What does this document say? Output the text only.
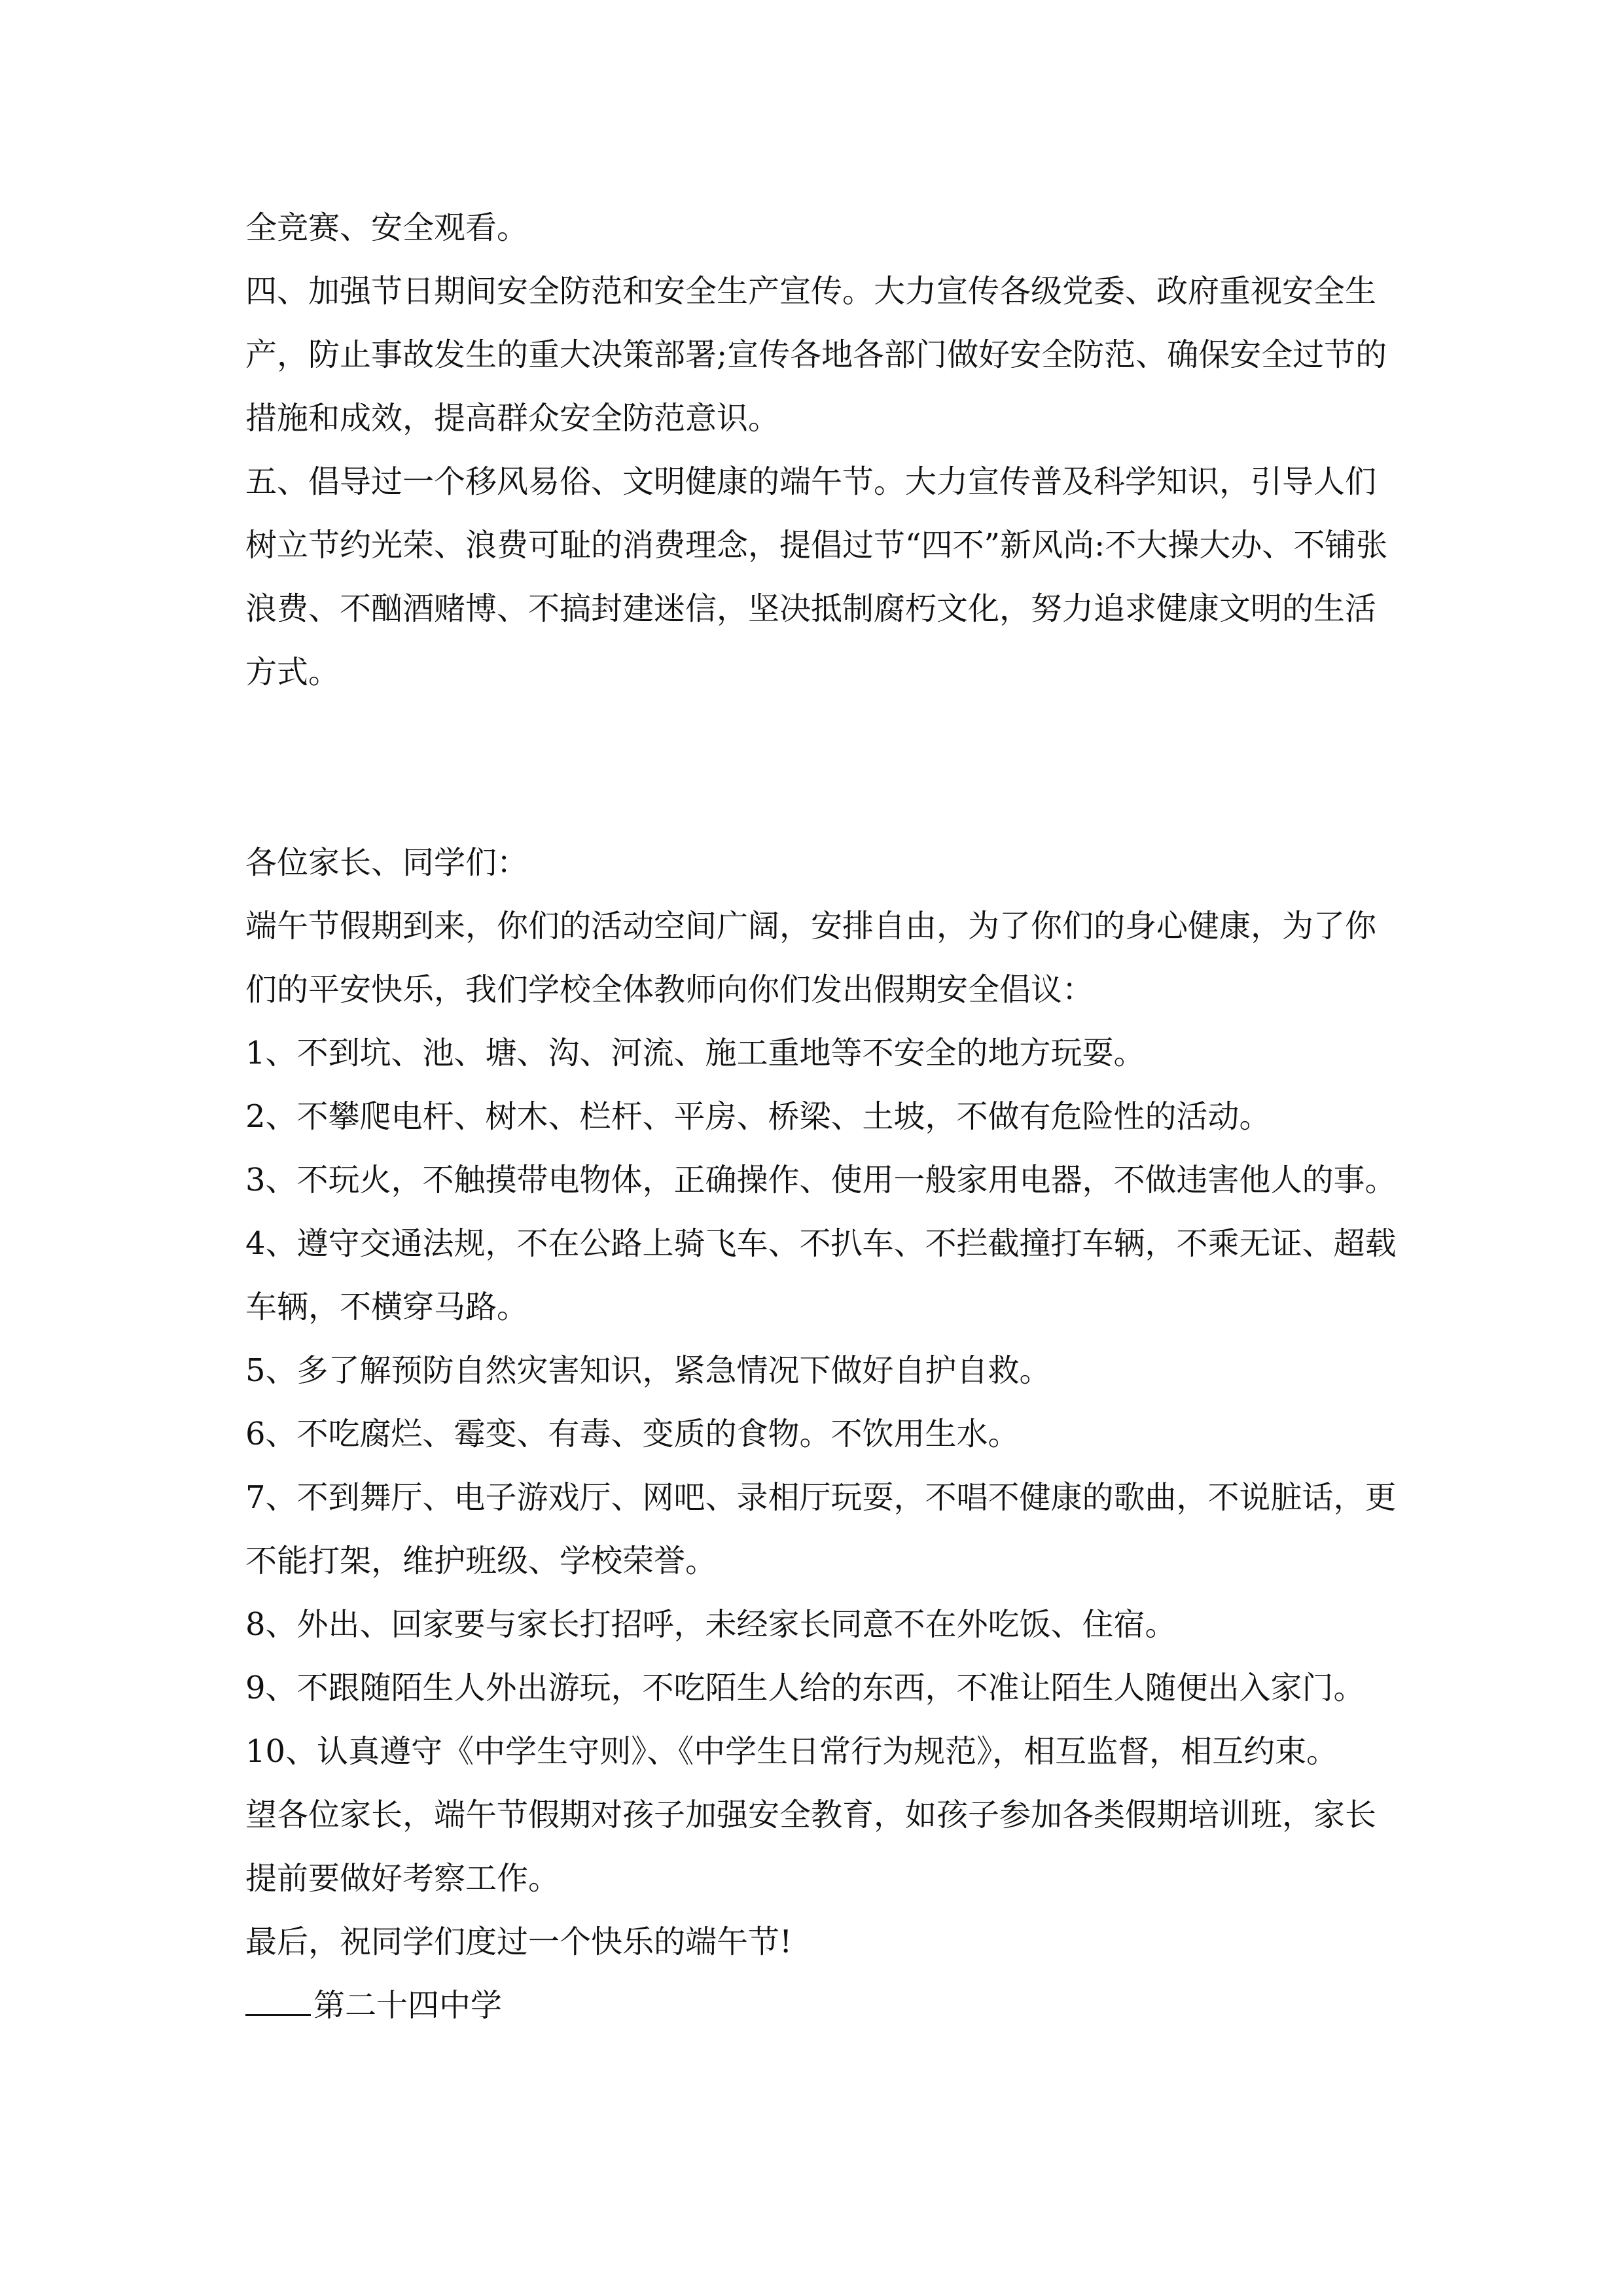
全竞赛、安全观看。

四、加强节日期间安全防范和安全生产宣传。大力宣传各级党委、政府重视安全生产，防止事故发生的重大决策部署;宣传各地各部门做好安全防范、确保安全过节的措施和成效，提高群众安全防范意识。

五、倡导过一个移风易俗、文明健康的端午节。大力宣传普及科学知识，引导人们树立节约光荣、浪费可耻的消费理念，提倡过节“四不”新风尚:不大操大办、不铺张浪费、不酗酒赌博、不搞封建迷信，坚决抵制腐朽文化，努力追求健康文明的生活方式。

各位家长、同学们：

端午节假期到来，你们的活动空间广阔，安排自由，为了你们的身心健康，为了你们的平安快乐，我们学校全体教师向你们发出假期安全倡议：

1、不到坑、池、塘、沟、河流、施工重地等不安全的地方玩耍。

2、不攀爬电杆、树木、栏杆、平房、桥梁、土坡，不做有危险性的活动。

3、不玩火，不触摸带电物体，正确操作、使用一般家用电器，不做违害他人的事。

4、遵守交通法规，不在公路上骑飞车、不扒车、不拦截撞打车辆，不乘无证、超载车辆，不横穿马路。

5、多了解预防自然灾害知识，紧急情况下做好自护自救。

6、不吃腐烂、霉变、有毒、变质的食物。不饮用生水。

7、不到舞厅、电子游戏厅、网吧、录相厅玩耍，不唱不健康的歌曲，不说脏话，更不能打架，维护班级、学校荣誉。

8、外出、回家要与家长打招呼，未经家长同意不在外吃饭、住宿。

9、不跟随陌生人外出游玩，不吃陌生人给的东西，不准让陌生人随便出入家门。

10、认真遵守《中学生守则》、《中学生日常行为规范》，相互监督，相互约束。

望各位家长，端午节假期对孩子加强安全教育，如孩子参加各类假期培训班，家长提前要做好考察工作。

最后，祝同学们度过一个快乐的端午节!

第二十四中学
